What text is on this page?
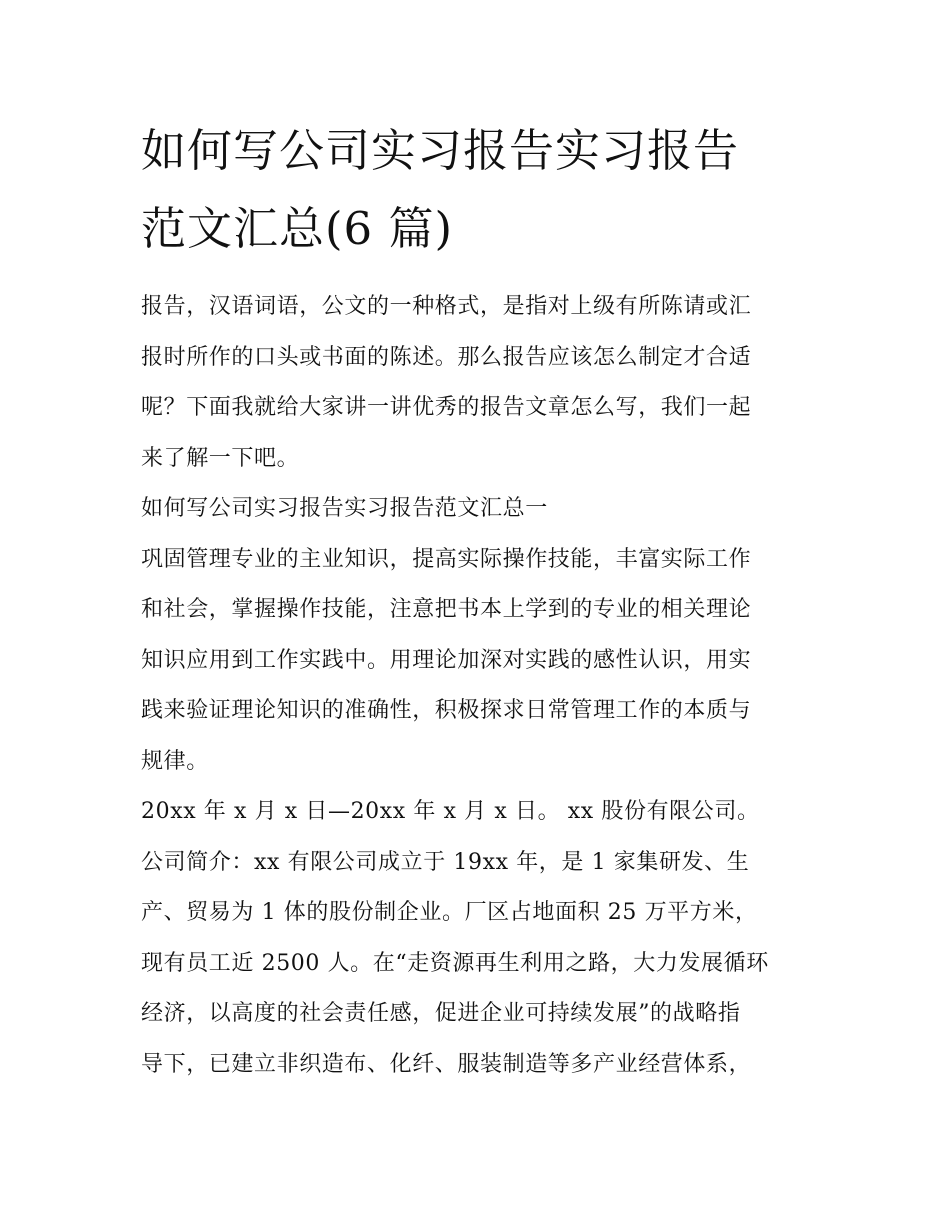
如何写公司实习报告实习报告
范文汇总(6 篇)
报告，汉语词语，公文的一种格式，是指对上级有所陈请或汇
报时所作的口头或书面的陈述。那么报告应该怎么制定才合适
呢？下面我就给大家讲一讲优秀的报告文章怎么写，我们一起
来了解一下吧。
如何写公司实习报告实习报告范文汇总一
巩固管理专业的主业知识，提高实际操作技能，丰富实际工作
和社会，掌握操作技能，注意把书本上学到的专业的相关理论
知识应用到工作实践中。用理论加深对实践的感性认识，用实
践来验证理论知识的准确性，积极探求日常管理工作的本质与
规律。
20xx 年 x 月 x 日—20xx 年 x 月 x 日。 xx 股份有限公司。
公司简介：xx 有限公司成立于 19xx 年，是 1 家集研发、生
产、贸易为 1 体的股份制企业。厂区占地面积 25 万平方米，
现有员工近 2500 人。在“走资源再生利用之路，大力发展循环
经济，以高度的社会责任感，促进企业可持续发展”的战略指
导下，已建立非织造布、化纤、服装制造等多产业经营体系，
